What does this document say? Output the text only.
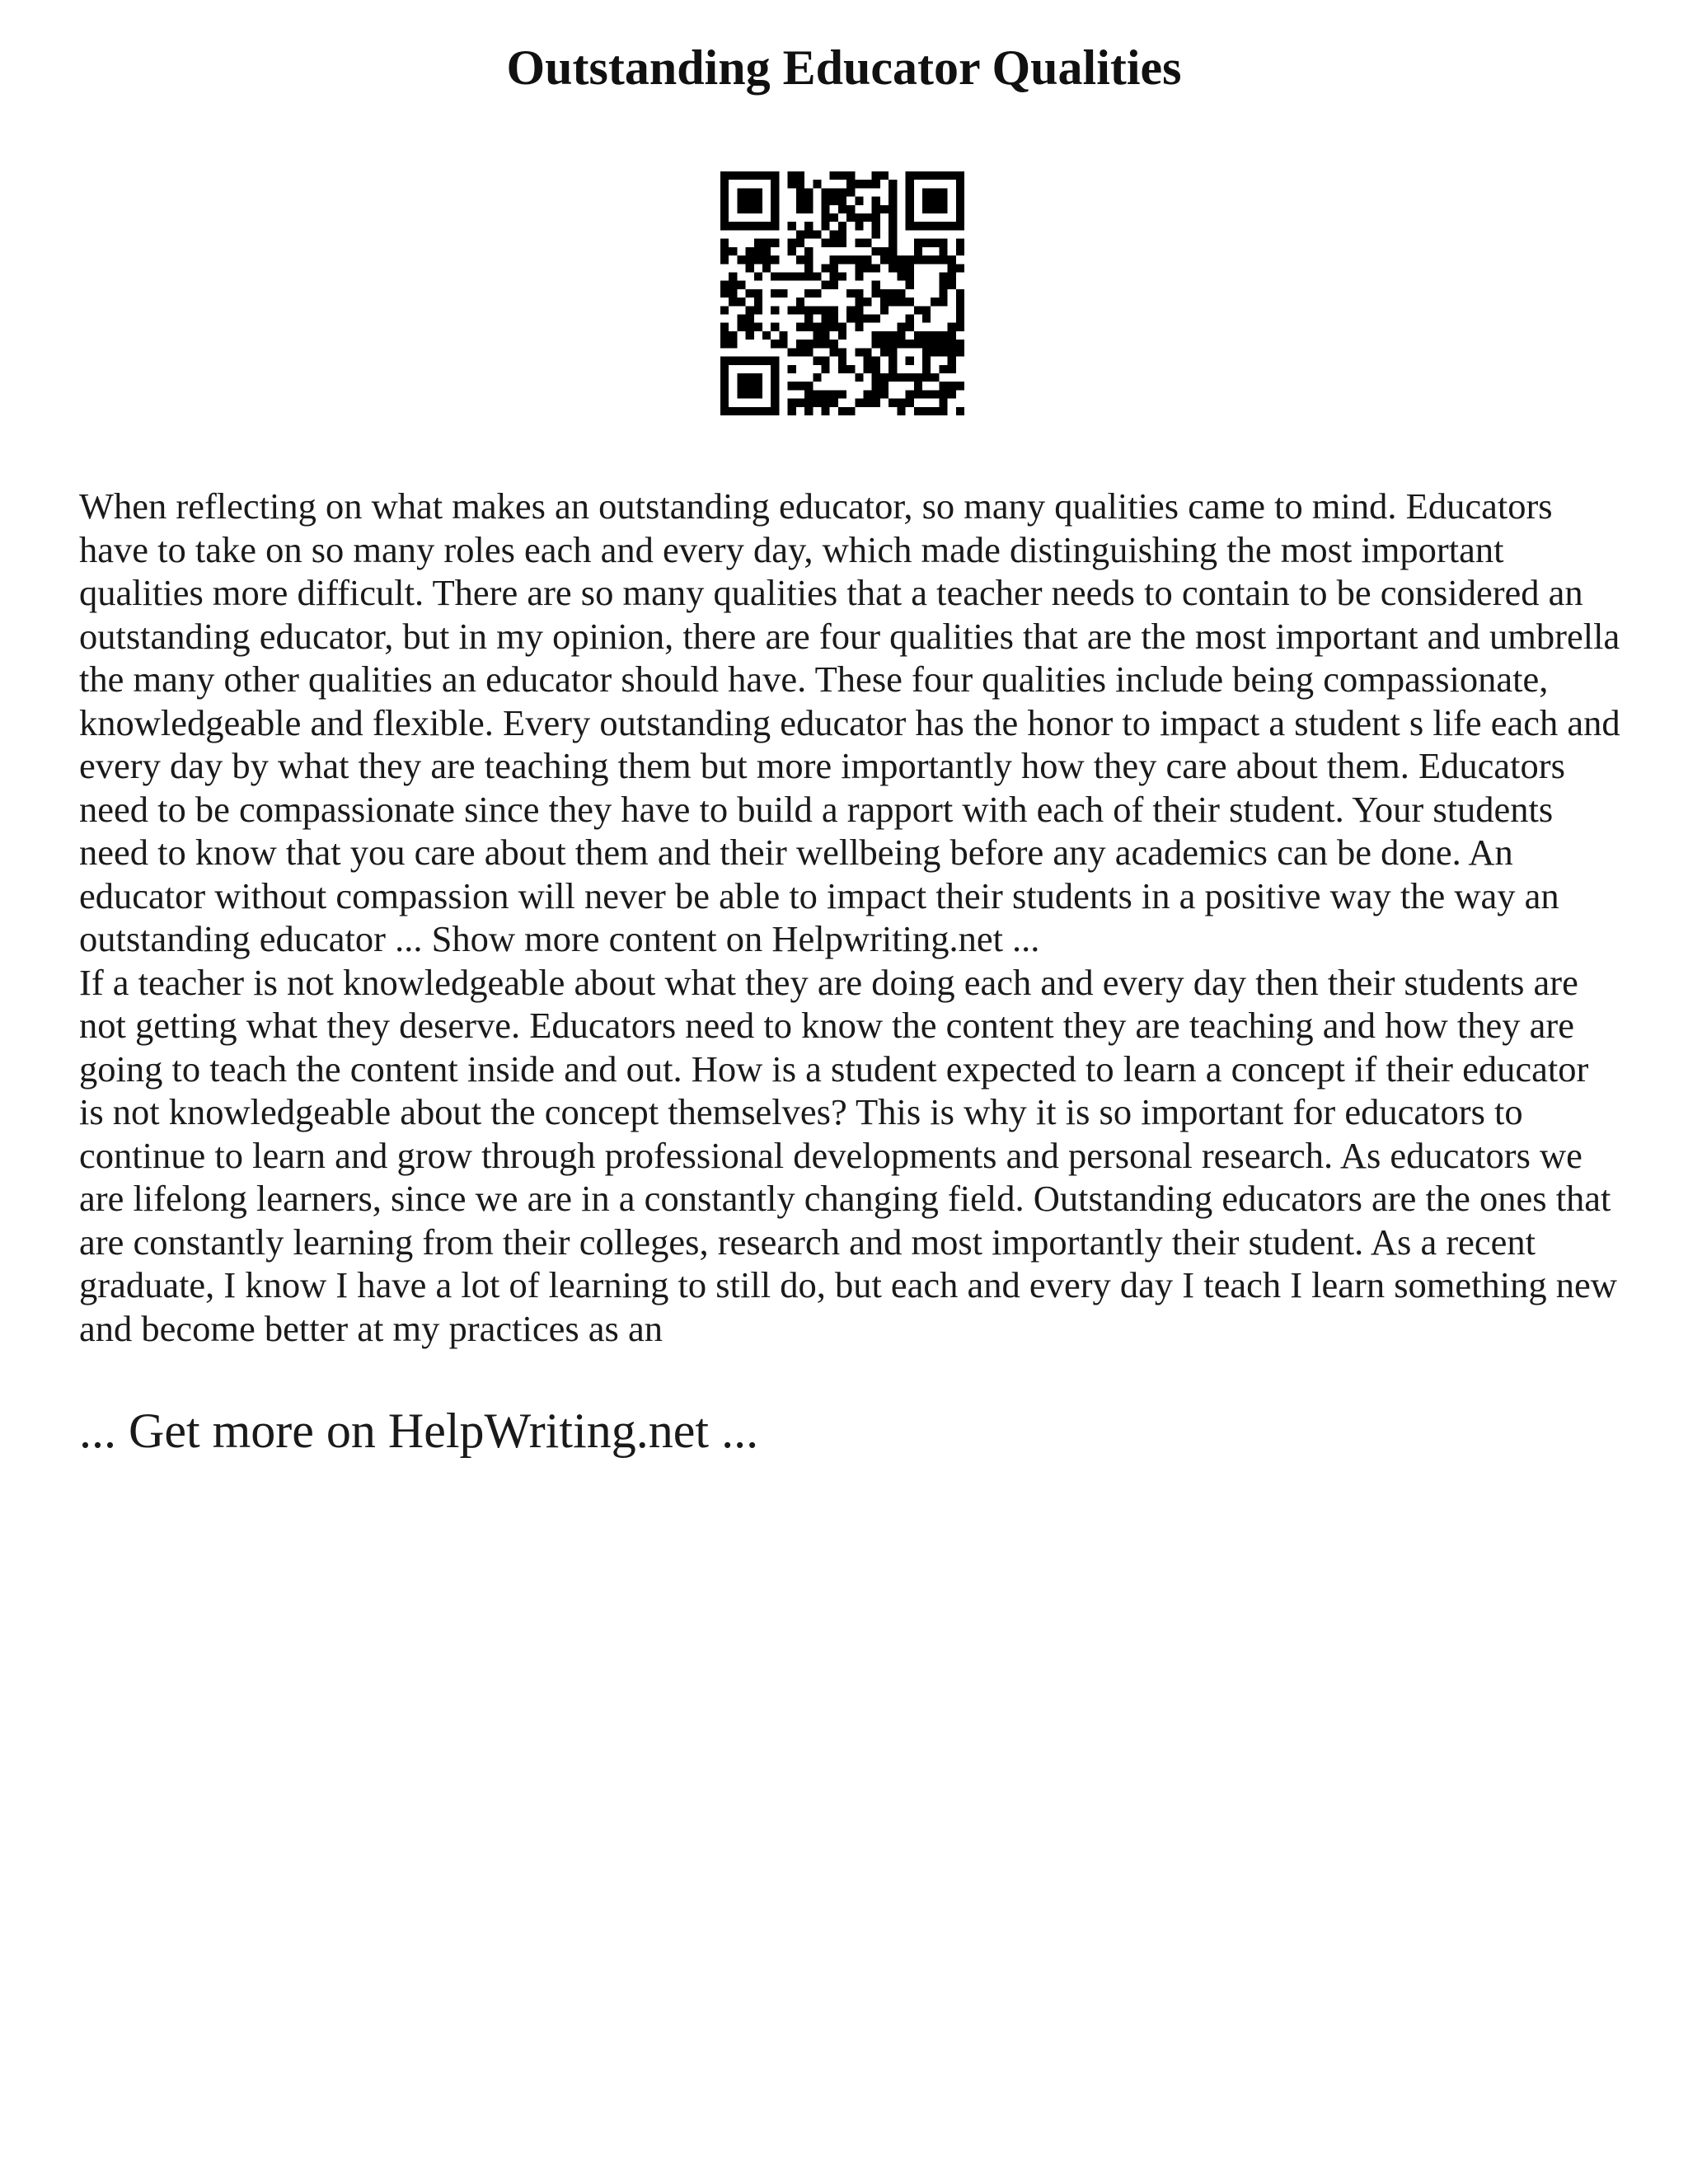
Outstanding Educator Qualities

When reflecting on what makes an outstanding educator, so many qualities came to mind. Educators have to take on so many roles each and every day, which made distinguishing the most important qualities more difficult. There are so many qualities that a teacher needs to contain to be considered an outstanding educator, but in my opinion, there are four qualities that are the most important and umbrella the many other qualities an educator should have. These four qualities include being compassionate, knowledgeable and flexible. Every outstanding educator has the honor to impact a student s life each and every day by what they are teaching them but more importantly how they care about them. Educators need to be compassionate since they have to build a rapport with each of their student. Your students need to know that you care about them and their wellbeing before any academics can be done. An educator without compassion will never be able to impact their students in a positive way the way an outstanding educator ... Show more content on Helpwriting.net ...

If a teacher is not knowledgeable about what they are doing each and every day then their students are not getting what they deserve. Educators need to know the content they are teaching and how they are going to teach the content inside and out. How is a student expected to learn a concept if their educator is not knowledgeable about the concept themselves? This is why it is so important for educators to continue to learn and grow through professional developments and personal research. As educators we are lifelong learners, since we are in a constantly changing field. Outstanding educators are the ones that are constantly learning from their colleges, research and most importantly their student. As a recent graduate, I know I have a lot of learning to still do, but each and every day I teach I learn something new and become better at my practices as an

... Get more on HelpWriting.net ...
